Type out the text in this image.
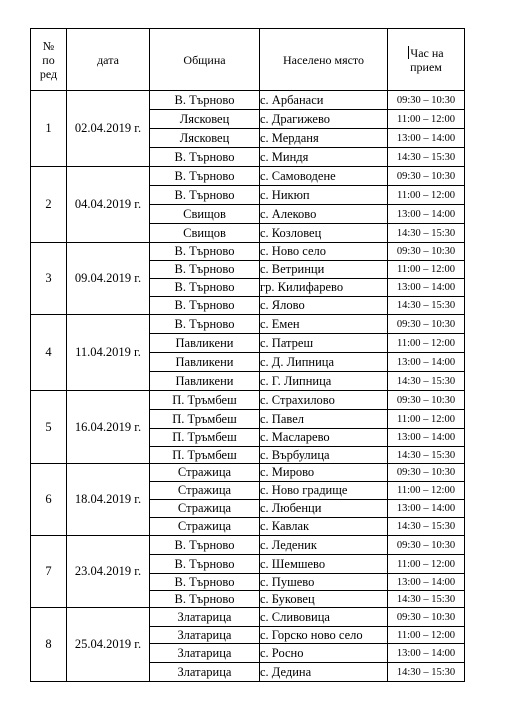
№
по
ред	дата	Община	Населено място	Час на
прием
1	02.04.2019 г.	В. Търново	с. Арбанаси	09:30 – 10:30
		Лясковец	с. Драгижево	11:00 – 12:00
		Лясковец	с. Мерданя	13:00 – 14:00
		В. Търново	с. Миндя	14:30 – 15:30
2	04.04.2019 г.	В. Търново	с. Самоводене	09:30 – 10:30
		В. Търново	с. Никюп	11:00 – 12:00
		Свищов	с. Алеково	13:00 – 14:00
		Свищов	с. Козловец	14:30 – 15:30
3	09.04.2019 г.	В. Търново	с. Ново село	09:30 – 10:30
		В. Търново	с. Ветринци	11:00 – 12:00
		В. Търново	гр. Килифарево	13:00 – 14:00
		В. Търново	с. Ялово	14:30 – 15:30
4	11.04.2019 г.	В. Търново	с. Емен	09:30 – 10:30
		Павликени	с. Патреш	11:00 – 12:00
		Павликени	с. Д. Липница	13:00 – 14:00
		Павликени	с. Г. Липница	14:30 – 15:30
5	16.04.2019 г.	П. Тръмбеш	с. Страхилово	09:30 – 10:30
		П. Тръмбеш	с. Павел	11:00 – 12:00
		П. Тръмбеш	с. Масларево	13:00 – 14:00
		П. Тръмбеш	с. Върбулица	14:30 – 15:30
6	18.04.2019 г.	Стражица	с. Мирово	09:30 – 10:30
		Стражица	с. Ново градище	11:00 – 12:00
		Стражица	с. Любенци	13:00 – 14:00
		Стражица	с. Кавлак	14:30 – 15:30
7	23.04.2019 г.	В. Търново	с. Леденик	09:30 – 10:30
		В. Търново	с. Шемшево	11:00 – 12:00
		В. Търново	с. Пушево	13:00 – 14:00
		В. Търново	с. Буковец	14:30 – 15:30
8	25.04.2019 г.	Златарица	с. Сливовица	09:30 – 10:30
		Златарица	с. Горско ново село	11:00 – 12:00
		Златарица	с. Росно	13:00 – 14:00
		Златарица	с. Дедина	14:30 – 15:30
